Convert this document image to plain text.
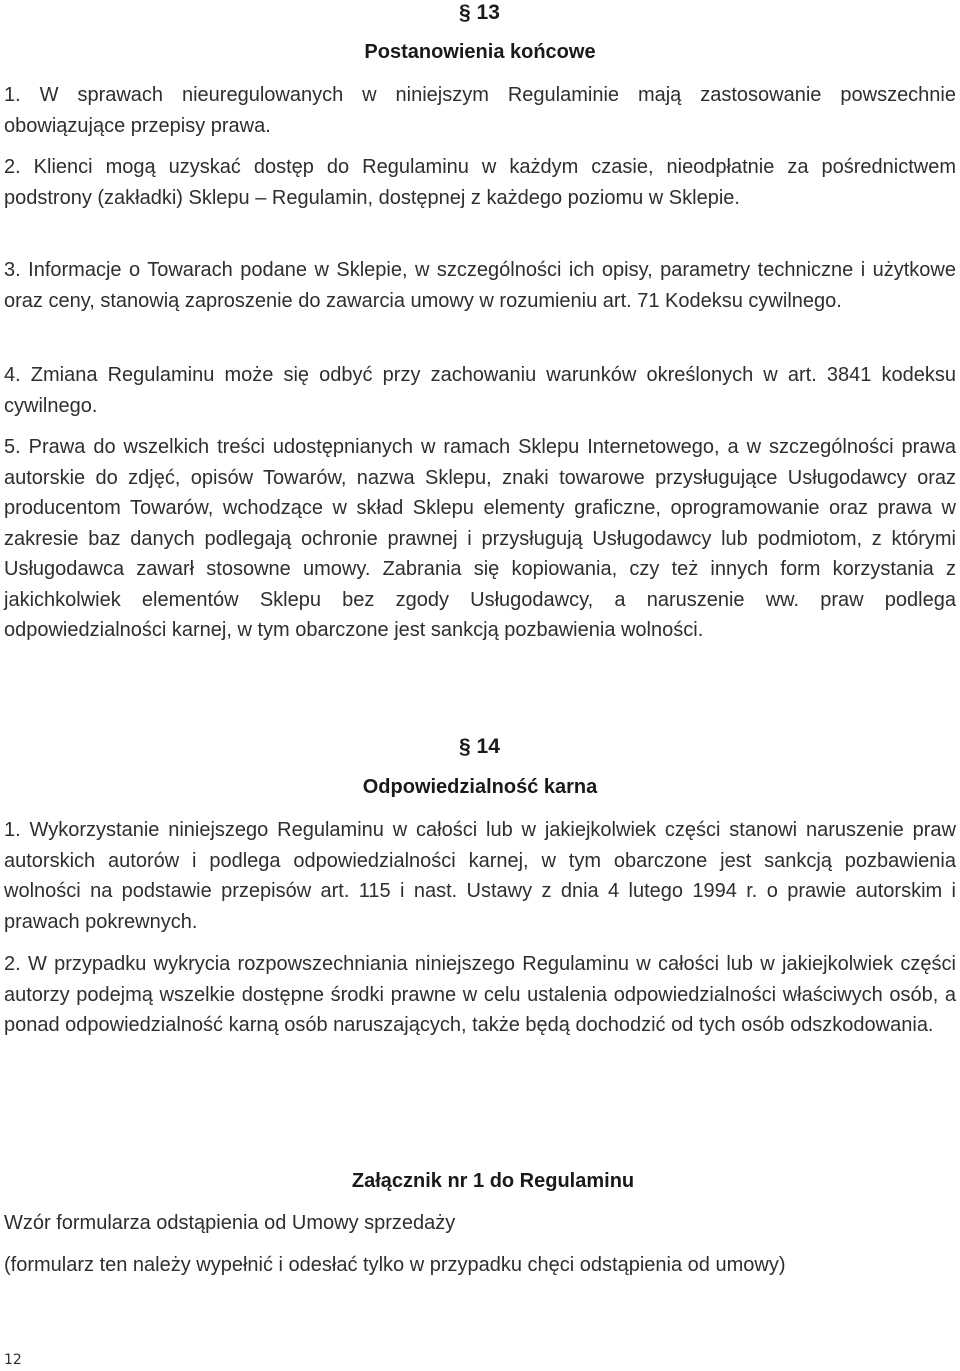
§ 13
Postanowienia końcowe

1. W sprawach nieuregulowanych w niniejszym Regulaminie mają zastosowanie powszechnie obowiązujące przepisy prawa.

2. Klienci mogą uzyskać dostęp do Regulaminu w każdym czasie, nieodpłatnie za pośrednictwem podstrony (zakładki) Sklepu – Regulamin, dostępnej z każdego poziomu w Sklepie.

3. Informacje o Towarach podane w Sklepie, w szczególności ich opisy, parametry techniczne i użytkowe oraz ceny, stanowią zaproszenie do zawarcia umowy w rozumieniu art. 71 Kodeksu cywilnego.

4. Zmiana Regulaminu może się odbyć przy zachowaniu warunków określonych w art. 3841 kodeksu cywilnego.

5. Prawa do wszelkich treści udostępnianych w ramach Sklepu Internetowego, a w szczególności prawa autorskie do zdjęć, opisów Towarów, nazwa Sklepu, znaki towarowe przysługujące Usługodawcy oraz producentom Towarów, wchodzące w skład Sklepu elementy graficzne, oprogramowanie oraz prawa w zakresie baz danych podlegają ochronie prawnej i przysługują Usługodawcy lub podmiotom, z którymi Usługodawca zawarł stosowne umowy. Zabrania się kopiowania, czy też innych form korzystania z jakichkolwiek elementów Sklepu bez zgody Usługodawcy, a naruszenie ww. praw podlega odpowiedzialności karnej, w tym obarczone jest sankcją pozbawienia wolności.

§ 14
Odpowiedzialność karna

1. Wykorzystanie niniejszego Regulaminu w całości lub w jakiejkolwiek części stanowi naruszenie praw autorskich autorów i podlega odpowiedzialności karnej, w tym obarczone jest sankcją pozbawienia wolności na podstawie przepisów art. 115 i nast. Ustawy z dnia 4 lutego 1994 r. o prawie autorskim i prawach pokrewnych.

2. W przypadku wykrycia rozpowszechniania niniejszego Regulaminu w całości lub w jakiejkolwiek części autorzy podejmą wszelkie dostępne środki prawne w celu ustalenia odpowiedzialności właściwych osób, a ponad odpowiedzialność karną osób naruszających, także będą dochodzić od tych osób odszkodowania.

Załącznik nr 1 do Regulaminu
Wzór formularza odstąpienia od Umowy sprzedaży
(formularz ten należy wypełnić i odesłać tylko w przypadku chęci odstąpienia od umowy)
12
